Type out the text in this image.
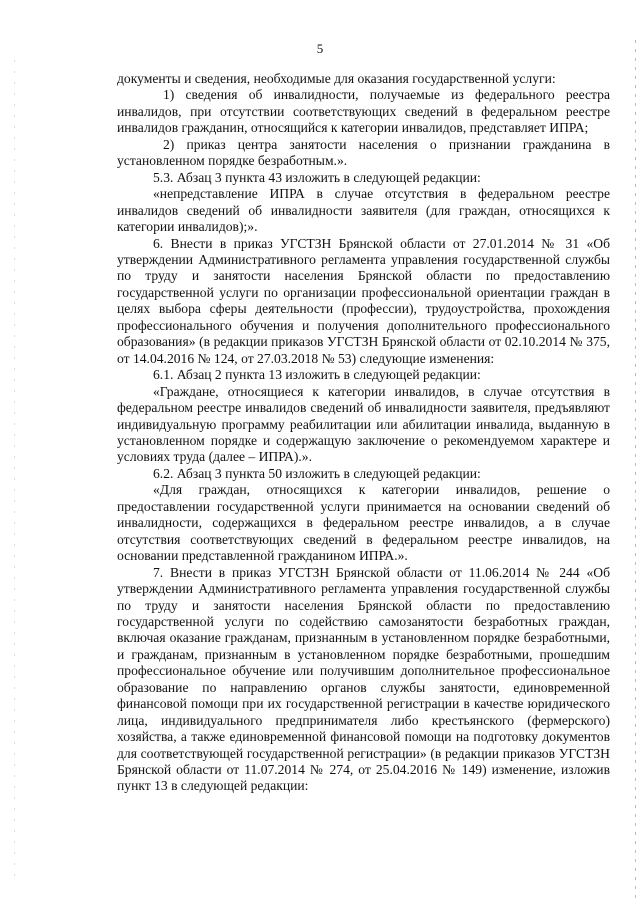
5

документы и сведения, необходимые для оказания государственной услуги:

1) сведения об инвалидности, получаемые из федерального реестра инвалидов, при отсутствии соответствующих сведений в федеральном реестре инвалидов гражданин, относящийся к категории инвалидов, представляет ИПРА;

2) приказ центра занятости населения о признании гражданина в установленном порядке безработным.».

5.3. Абзац 3 пункта 43 изложить в следующей редакции:

«непредставление ИПРА в случае отсутствия в федеральном реестре инвалидов сведений об инвалидности заявителя (для граждан, относящихся к категории инвалидов);».

6. Внести в приказ УГСТЗН Брянской области от 27.01.2014 № 31 «Об утверждении Административного регламента управления государственной службы по труду и занятости населения Брянской области по предоставлению государственной услуги по организации профессиональной ориентации граждан в целях выбора сферы деятельности (профессии), трудоустройства, прохождения профессионального обучения и получения дополнительного профессионального образования» (в редакции приказов УГСТЗН Брянской области от 02.10.2014 № 375, от 14.04.2016 № 124, от 27.03.2018 № 53) следующие изменения:

6.1. Абзац 2 пункта 13 изложить в следующей редакции:

«Граждане, относящиеся к категории инвалидов, в случае отсутствия в федеральном реестре инвалидов сведений об инвалидности заявителя, предъявляют индивидуальную программу реабилитации или абилитации инвалида, выданную в установленном порядке и содержащую заключение о рекомендуемом характере и условиях труда (далее – ИПРА).».

6.2. Абзац 3 пункта 50 изложить в следующей редакции:

«Для граждан, относящихся к категории инвалидов, решение о предоставлении государственной услуги принимается на основании сведений об инвалидности, содержащихся в федеральном реестре инвалидов, а в случае отсутствия соответствующих сведений в федеральном реестре инвалидов, на основании представленной гражданином ИПРА.».

7. Внести в приказ УГСТЗН Брянской области от 11.06.2014 № 244 «Об утверждении Административного регламента управления государственной службы по труду и занятости населения Брянской области по предоставлению государственной услуги по содействию самозанятости безработных граждан, включая оказание гражданам, признанным в установленном порядке безработными, и гражданам, признанным в установленном порядке безработными, прошедшим профессиональное обучение или получившим дополнительное профессиональное образование по направлению органов службы занятости, единовременной финансовой помощи при их государственной регистрации в качестве юридического лица, индивидуального предпринимателя либо крестьянского (фермерского) хозяйства, а также единовременной финансовой помощи на подготовку документов для соответствующей государственной регистрации» (в редакции приказов УГСТЗН Брянской области от 11.07.2014 № 274, от 25.04.2016 № 149) изменение, изложив пункт 13 в следующей редакции:
